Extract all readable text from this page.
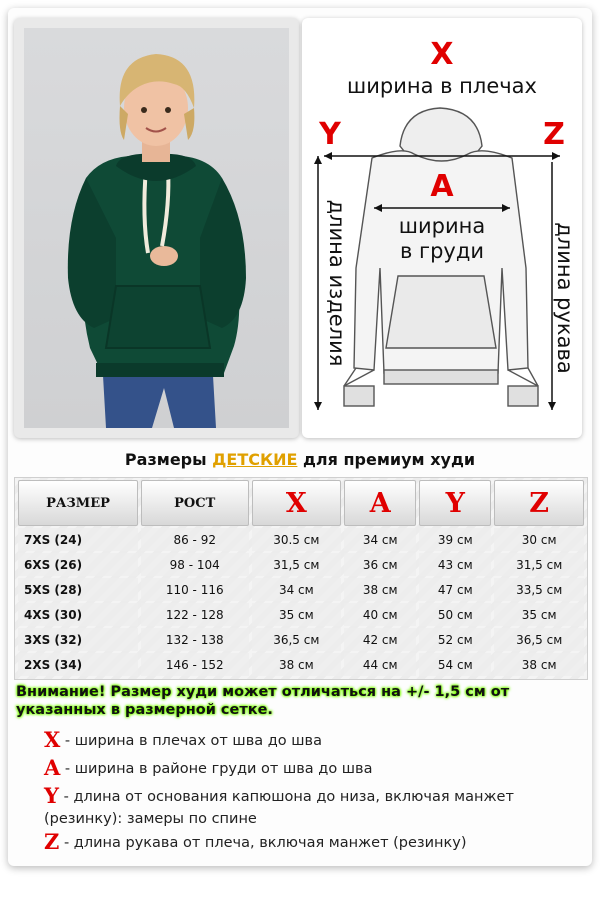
X
ширина в плечах
Y	Z
A
ширина
в груди
длина изделия	длина рукава
Размеры ДЕТСКИЕ для премиум худи
РАЗМЕР	РОСТ	X	A	Y	Z
7XS (24)	86 - 92	30.5 см	34 см	39 см	30 см
6XS (26)	98 - 104	31,5 см	36 см	43 см	31,5 см
5XS (28)	110 - 116	34 см	38 см	47 см	33,5 см
4XS (30)	122 - 128	35 см	40 см	50 см	35 см
3XS (32)	132 - 138	36,5 см	42 см	52 см	36,5 см
2XS (34)	146 - 152	38 см	44 см	54 см	38 см
Внимание! Размер худи может отличаться на +/- 1,5 см от указанных в размерной сетке.
X - ширина в плечах от шва до шва
A - ширина в районе груди от шва до шва
Y - длина от основания капюшона до низа, включая манжет (резинку): замеры по спине
Z - длина рукава от плеча, включая манжет (резинку)
